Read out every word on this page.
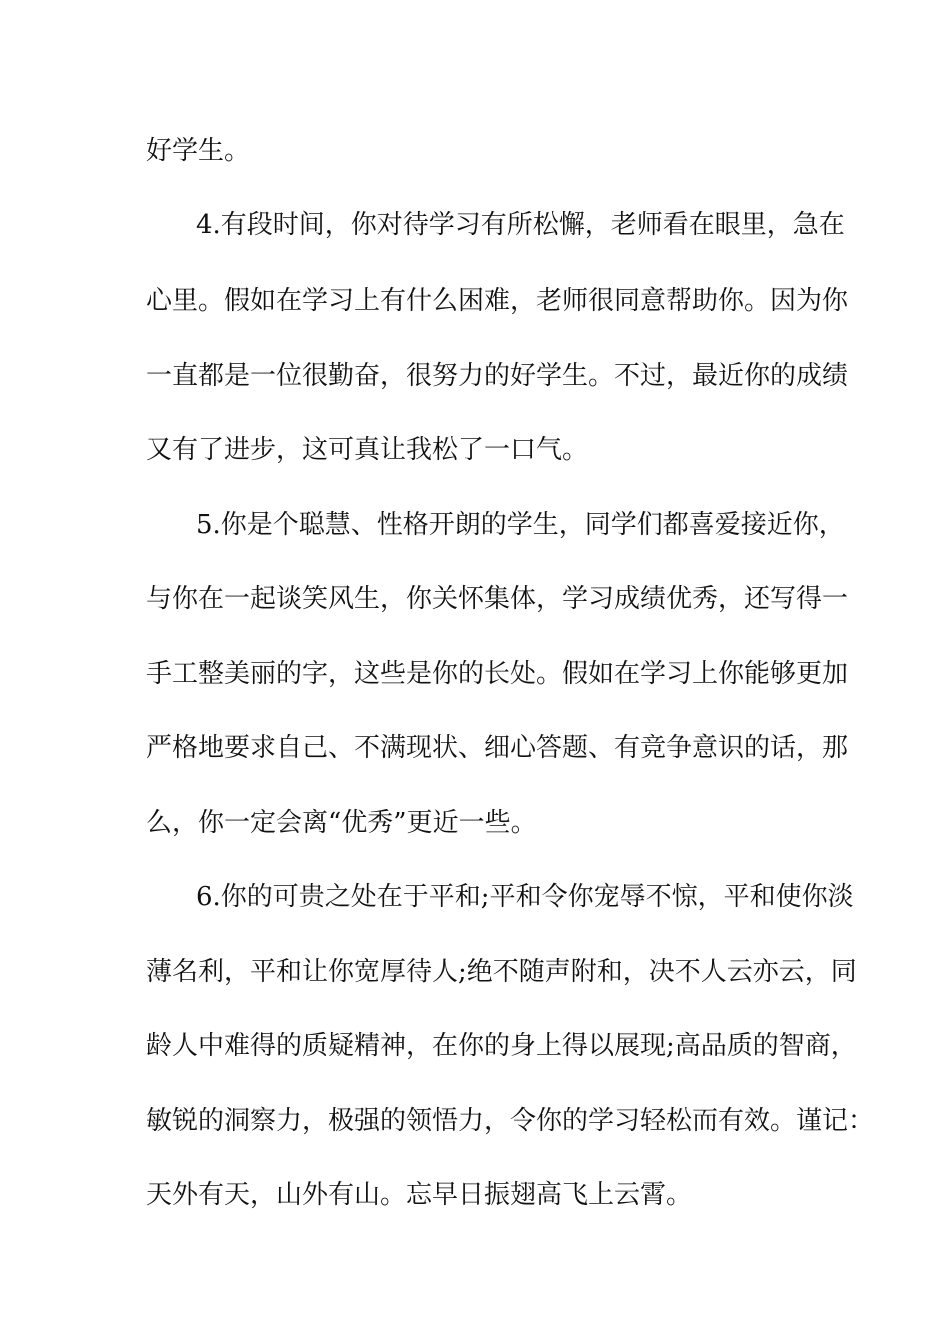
好学生。
4.有段时间，你对待学习有所松懈，老师看在眼里，急在
心里。假如在学习上有什么困难，老师很同意帮助你。因为你
一直都是一位很勤奋，很努力的好学生。不过，最近你的成绩
又有了进步，这可真让我松了一口气。
5.你是个聪慧、性格开朗的学生，同学们都喜爱接近你，
与你在一起谈笑风生，你关怀集体，学习成绩优秀，还写得一
手工整美丽的字，这些是你的长处。假如在学习上你能够更加
严格地要求自己、不满现状、细心答题、有竞争意识的话，那
么，你一定会离“优秀”更近一些。
6.你的可贵之处在于平和;平和令你宠辱不惊，平和使你淡
薄名利，平和让你宽厚待人;绝不随声附和，决不人云亦云，同
龄人中难得的质疑精神，在你的身上得以展现;高品质的智商，
敏锐的洞察力，极强的领悟力，令你的学习轻松而有效。谨记：
天外有天，山外有山。忘早日振翅高飞上云霄。
